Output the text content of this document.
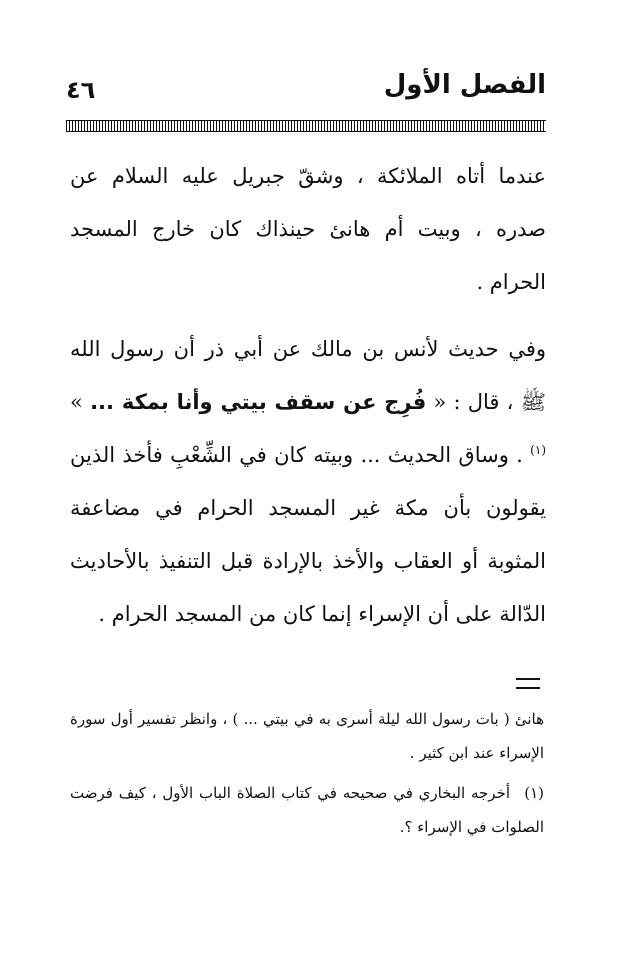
٤٦	الفصل الأول

عندما أتاه الملائكة ، وشقّ جبريل عليه السلام عن صدره ، وبيت أم هانئ حينذاك كان خارج المسجد الحرام .

وفي حديث لأنس بن مالك عن أبي ذر أن رسول الله ﷺ ، قال : « فُرِج عن سقف بيتي وأنا بمكة ... » $^{(١)}$ . وساق الحديث ... وبيته كان في الشِّعْبِ فأخذ الذين يقولون بأن مكة غير المسجد الحرام في مضاعفة المثوبة أو العقاب والأخذ بالإرادة قبل التنفيذ بالأحاديث الدّالة على أن الإسراء إنما كان من المسجد الحرام .

هانئ ( بات رسول الله ليلة أسرى به في بيتي ... ) ، وانظر تفسير أول سورة الإسراء عند ابن كثير .

(١)أخرجه البخاري في صحيحه في كتاب الصلاة الباب الأول ، كيف فرضت الصلوات في الإسراء ؟.
